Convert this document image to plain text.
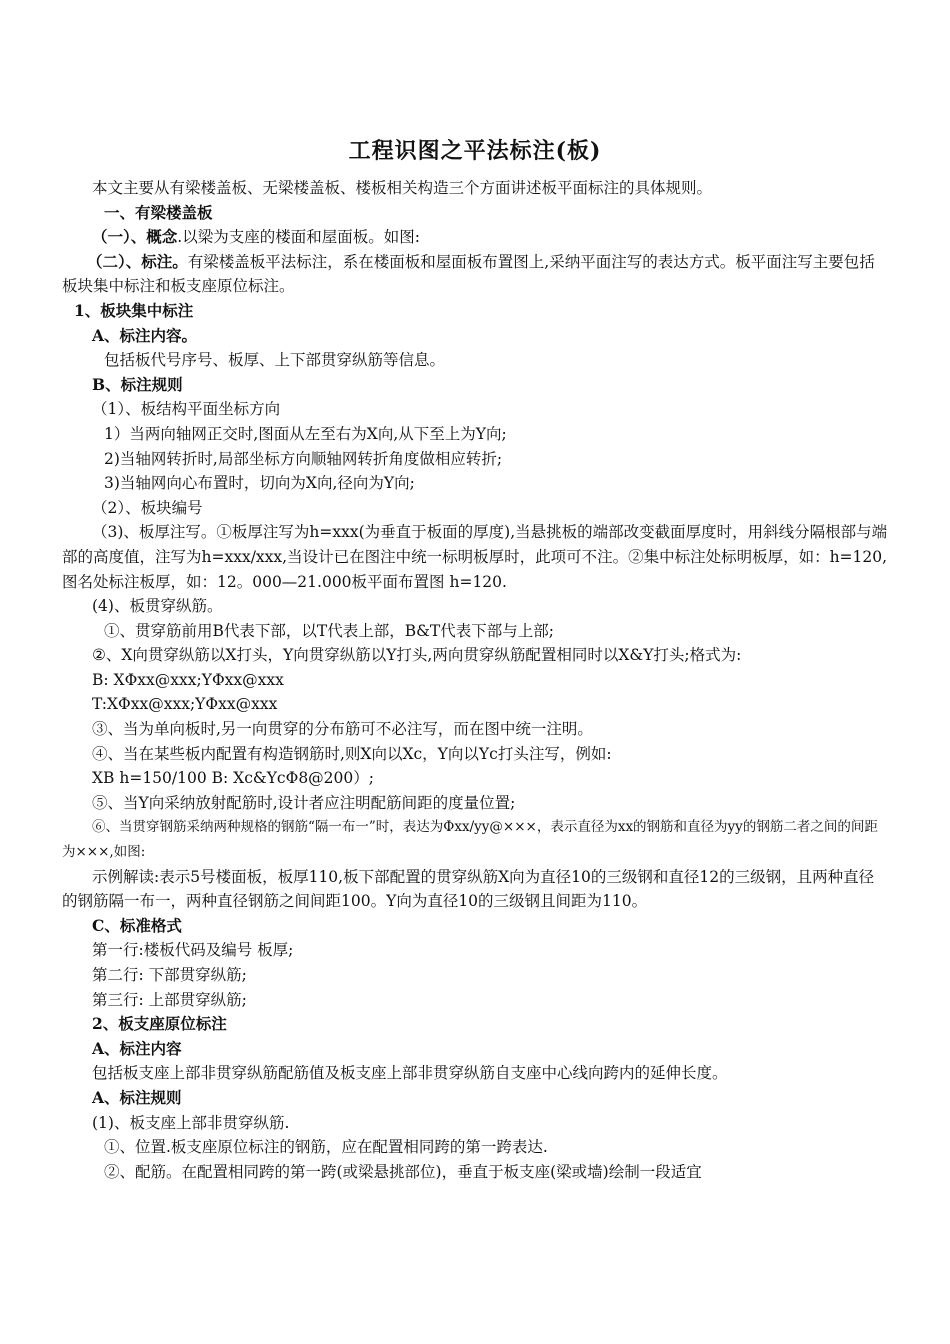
工程识图之平法标注(板)

本文主要从有梁楼盖板、无梁楼盖板、楼板相关构造三个方面讲述板平面标注的具体规则。

一、有梁楼盖板

（一）、概念.以梁为支座的楼面和屋面板。如图:

（二）、标注。有梁楼盖板平法标注，系在楼面板和屋面板布置图上,采纳平面注写的表达方式。板平面注写主要包括板块集中标注和板支座原位标注。

1、板块集中标注

A、标注内容。

包括板代号序号、板厚、上下部贯穿纵筋等信息。

B、标注规则

（1）、板结构平面坐标方向

1）当两向轴网正交时,图面从左至右为X向,从下至上为Y向;

2)当轴网转折时,局部坐标方向顺轴网转折角度做相应转折;

3)当轴网向心布置时，切向为X向,径向为Y向;

（2）、板块编号

（3)、板厚注写。①板厚注写为h=xxx(为垂直于板面的厚度),当悬挑板的端部改变截面厚度时，用斜线分隔根部与端部的高度值，注写为h=xxx/xxx,当设计已在图注中统一标明板厚时，此项可不注。②集中标注处标明板厚，如：h=120,图名处标注板厚，如：12。000—21.000板平面布置图 h=120.

(4)、板贯穿纵筋。

①、贯穿筋前用B代表下部，以T代表上部，B&T代表下部与上部;

②、X向贯穿纵筋以X打头，Y向贯穿纵筋以Y打头,两向贯穿纵筋配置相同时以X&Y打头;格式为:

B: XΦxx@xxx;YΦxx@xxx

T:XΦxx@xxx;YΦxx@xxx

③、当为单向板时,另一向贯穿的分布筋可不必注写，而在图中统一注明。

④、当在某些板内配置有构造钢筋时,则X向以Xc，Y向以Yc打头注写，例如:

XB h=150/100 B: Xc&YcΦ8@200）;

⑤、当Y向采纳放射配筋时,设计者应注明配筋间距的度量位置;

⑥、当贯穿钢筋采纳两种规格的钢筋“隔一布一”时，表达为Φxx/yy@×××，表示直径为xx的钢筋和直径为yy的钢筋二者之间的间距为×××,如图:

示例解读:表示5号楼面板，板厚110,板下部配置的贯穿纵筋X向为直径10的三级钢和直径12的三级钢，且两种直径的钢筋隔一布一，两种直径钢筋之间间距100。Y向为直径10的三级钢且间距为110。

C、标准格式

第一行:楼板代码及编号 板厚;

第二行: 下部贯穿纵筋;

第三行: 上部贯穿纵筋;

2、板支座原位标注

A、标注内容

包括板支座上部非贯穿纵筋配筋值及板支座上部非贯穿纵筋自支座中心线向跨内的延伸长度。

A、标注规则

(1)、板支座上部非贯穿纵筋.

①、位置.板支座原位标注的钢筋，应在配置相同跨的第一跨表达.

②、配筋。在配置相同跨的第一跨(或梁悬挑部位)，垂直于板支座(梁或墙)绘制一段适宜
